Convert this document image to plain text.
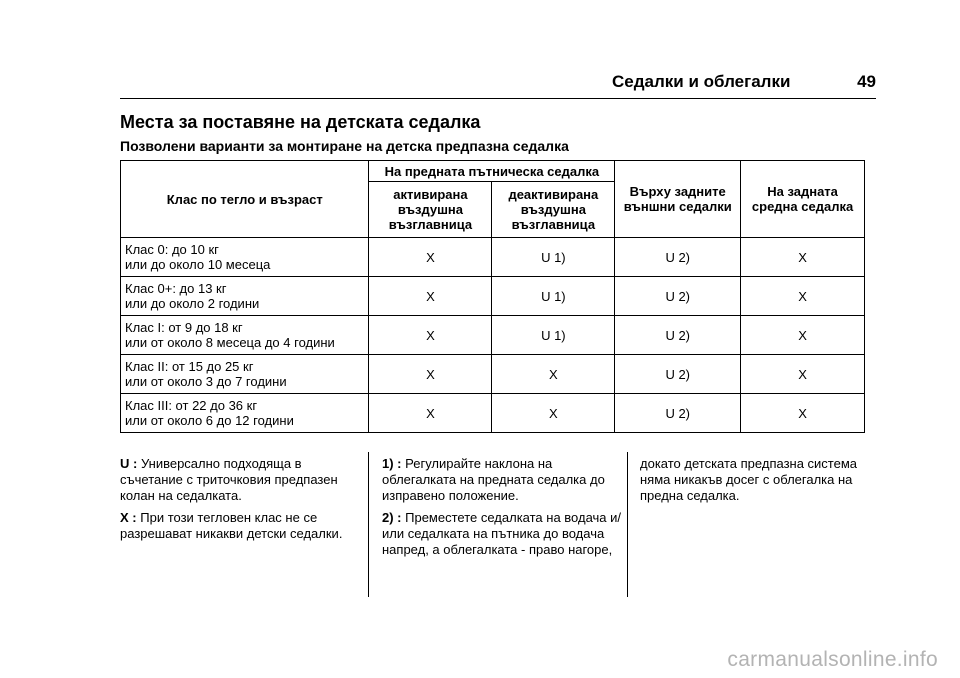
Седалки и облегалки	49
Места за поставяне на детската седалка
Позволени варианти за монтиране на детска предпазна седалка
Клас по тегло и възраст	На предната пътническа седалка		Върху задните външни седалки	На задната средна седалка
	активирана въздушна възглавница	деактивирана въздушна възглавница		
Клас 0: до 10 кг
или до около 10 месеца	X	U 1)	U 2)	X
Клас 0+: до 13 кг
или до около 2 години	X	U 1)	U 2)	X
Клас I: от 9 до 18 кг
или от около 8 месеца до 4 години	X	U 1)	U 2)	X
Клас II: от 15 до 25 кг
или от около 3 до 7 години	X	X	U 2)	X
Клас III: от 22 до 36 кг
или от около 6 до 12 години	X	X	U 2)	X

U : Универсално подходяща в съчетание с триточковия предпазен колан на седалката.

X : При този тегловен клас не се разрешават никакви детски седалки.

1) : Регулирайте наклона на облегалката на предната седалка до изправено положение.

2) : Преместете седалката на водача и/или седалката на пътника до водача напред, а облегалката - право нагоре,

докато детската предпазна система няма никакъв досег с облегалка на предна седалка.

carmanualsonline.info
